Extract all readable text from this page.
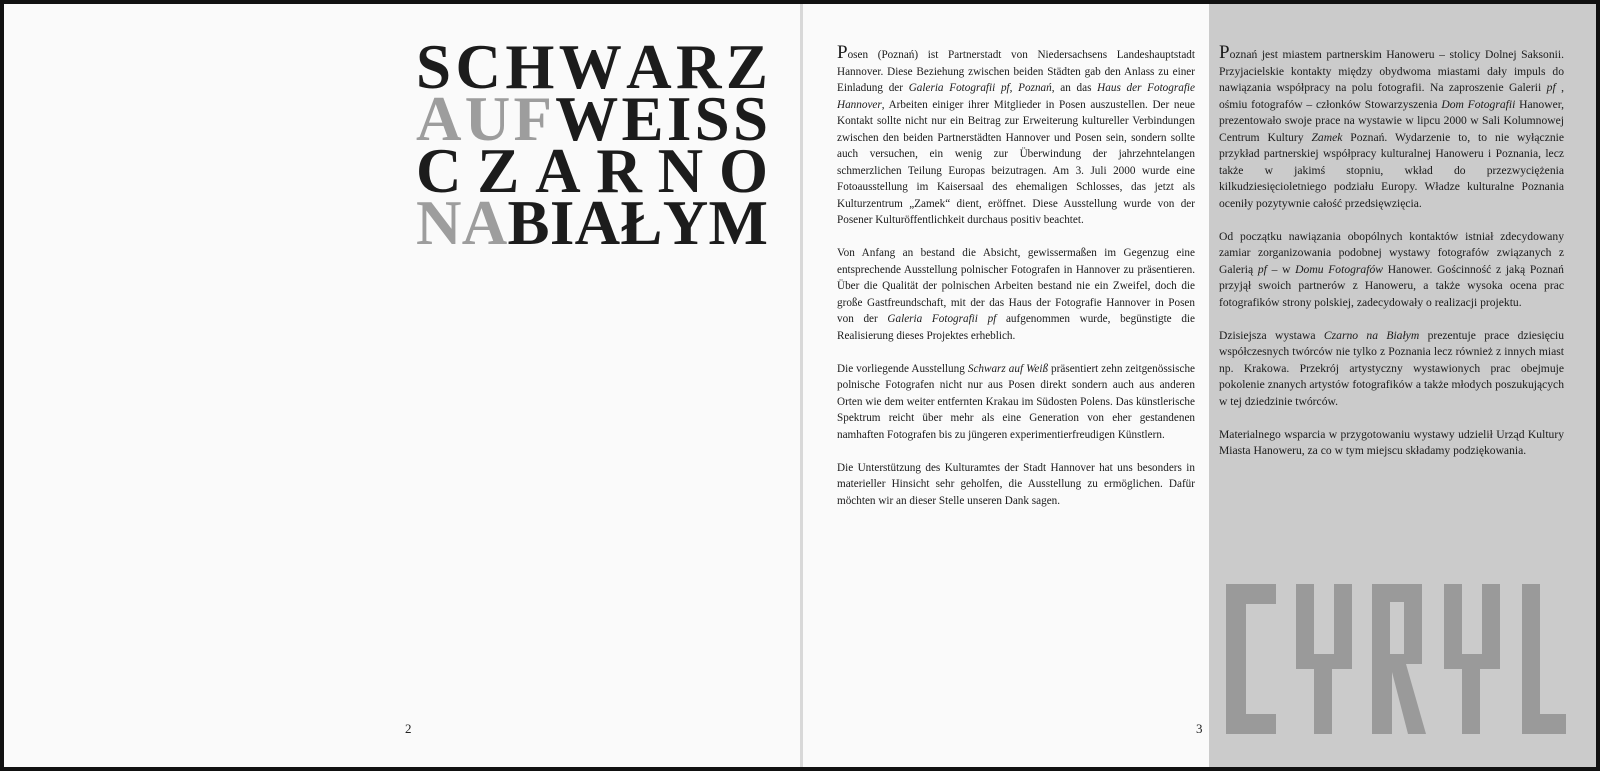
S C H W A R Z
A U F W E I S S
C Z A R N O
N A B I A Ł Y M
2

Posen (Poznań) ist Partnerstadt von Niedersachsens Landeshauptstadt Hannover. Diese Beziehung zwischen beiden Städten gab den Anlass zu einer Einladung der Galeria Fotografii pf, Poznań, an das Haus der Fotografie Hannover, Arbeiten einiger ihrer Mitglieder in Posen auszustellen. Der neue Kontakt sollte nicht nur ein Beitrag zur Erweiterung kultureller Verbindungen zwischen den beiden Partnerstädten Hannover und Posen sein, sondern sollte auch versuchen, ein wenig zur Überwindung der jahrzehntelangen schmerzlichen Teilung Europas beizutragen. Am 3. Juli 2000 wurde eine Fotoausstellung im Kaisersaal des ehemaligen Schlosses, das jetzt als Kulturzentrum „Zamek“ dient, eröffnet. Diese Ausstellung wurde von der Posener Kulturöffentlichkeit durchaus positiv beachtet.

Von Anfang an bestand die Absicht, gewissermaßen im Gegenzug eine entsprechende Ausstellung polnischer Fotografen in Hannover zu präsentieren. Über die Qualität der polnischen Arbeiten bestand nie ein Zweifel, doch die große Gastfreundschaft, mit der das Haus der Fotografie Hannover in Posen von der Galeria Fotografii pf aufgenommen wurde, begünstigte die Realisierung dieses Projektes erheblich.

Die vorliegende Ausstellung Schwarz auf Weiß präsentiert zehn zeitgenössische polnische Fotografen nicht nur aus Posen direkt sondern auch aus anderen Orten wie dem weiter entfernten Krakau im Südosten Polens. Das künstlerische Spektrum reicht über mehr als eine Generation von eher gestandenen namhaften Fotografen bis zu jüngeren experimentierfreudigen Künstlern.

Die Unterstützung des Kulturamtes der Stadt Hannover hat uns besonders in materieller Hinsicht sehr geholfen, die Ausstellung zu ermöglichen. Dafür möchten wir an dieser Stelle unseren Dank sagen.

Poznań jest miastem partnerskim Hanoweru – stolicy Dolnej Saksonii. Przyjacielskie kontakty między obydwoma miastami dały impuls do nawiązania współpracy na polu fotografii. Na zaproszenie Galerii pf , ośmiu fotografów – członków Stowarzyszenia Dom Fotografii Hanower, prezentowało swoje prace na wystawie w lipcu 2000 w Sali Kolumnowej Centrum Kultury Zamek Poznań. Wydarzenie to, to nie wyłącznie przykład partnerskiej współpracy kulturalnej Hanoweru i Poznania, lecz także w jakimś stopniu, wkład do przezwyciężenia kilkudziesięcioletniego podziału Europy. Władze kulturalne Poznania oceniły pozytywnie całość przedsięwzięcia.

Od początku nawiązania obopólnych kontaktów istniał zdecydowany zamiar zorganizowania podobnej wystawy fotografów związanych z Galerią pf – w Domu Fotografów Hanower. Gościnność z jaką Poznań przyjął swoich partnerów z Hanoweru, a także wysoka ocena prac fotografików strony polskiej, zadecydowały o realizacji projektu.

Dzisiejsza wystawa Czarno na Białym prezentuje prace dziesięciu współczesnych twórców nie tylko z Poznania lecz również z innych miast np. Krakowa. Przekrój artystyczny wystawionych prac obejmuje pokolenie znanych artystów fotografików a także młodych poszukujących w tej dziedzinie twórców.

Materialnego wsparcia w przygotowaniu wystawy udzielił Urząd Kultury Miasta Hanoweru, za co w tym miejscu składamy podziękowania.

3
